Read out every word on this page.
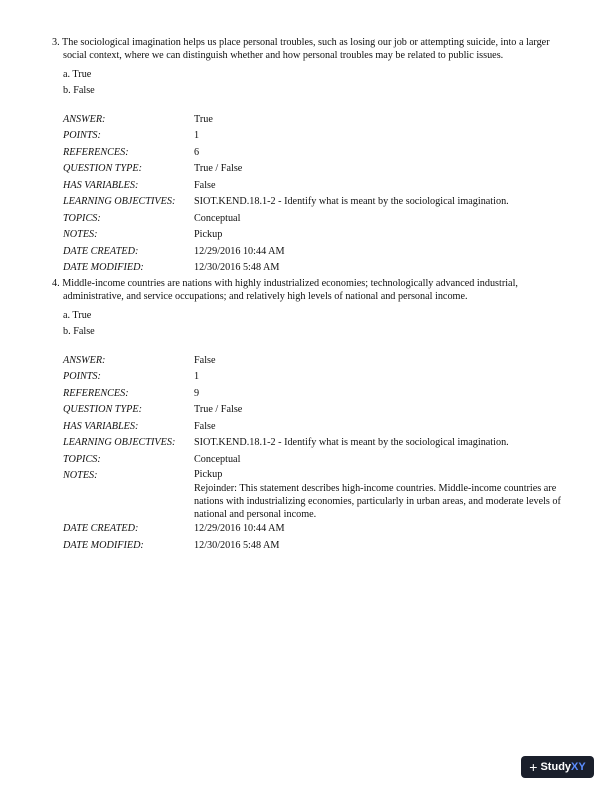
3. The sociological imagination helps us place personal troubles, such as losing our job or attempting suicide, into a larger social context, where we can distinguish whether and how personal troubles may be related to public issues.

a. True
b. False
ANSWER:	True
POINTS:	1
REFERENCES:	6
QUESTION TYPE:	True / False
HAS VARIABLES:	False
LEARNING OBJECTIVES:	SIOT.KEND.18.1-2 - Identify what is meant by the sociological imagination.
TOPICS:	Conceptual
NOTES:	Pickup
DATE CREATED:	12/29/2016 10:44 AM
DATE MODIFIED:	12/30/2016 5:48 AM

4. Middle-income countries are nations with highly industrialized economies; technologically advanced industrial, administrative, and service occupations; and relatively high levels of national and personal income.

a. True
b. False
ANSWER:	False
POINTS:	1
REFERENCES:	9
QUESTION TYPE:	True / False
HAS VARIABLES:	False
LEARNING OBJECTIVES:	SIOT.KEND.18.1-2 - Identify what is meant by the sociological imagination.
TOPICS:	Conceptual
NOTES:	Pickup
Rejoinder: This statement describes high-income countries. Middle-income countries are nations with industrializing economies, particularly in urban areas, and moderate levels of national and personal income.
DATE CREATED:	12/29/2016 10:44 AM
DATE MODIFIED:	12/30/2016 5:48 AM
+ StudyXY
